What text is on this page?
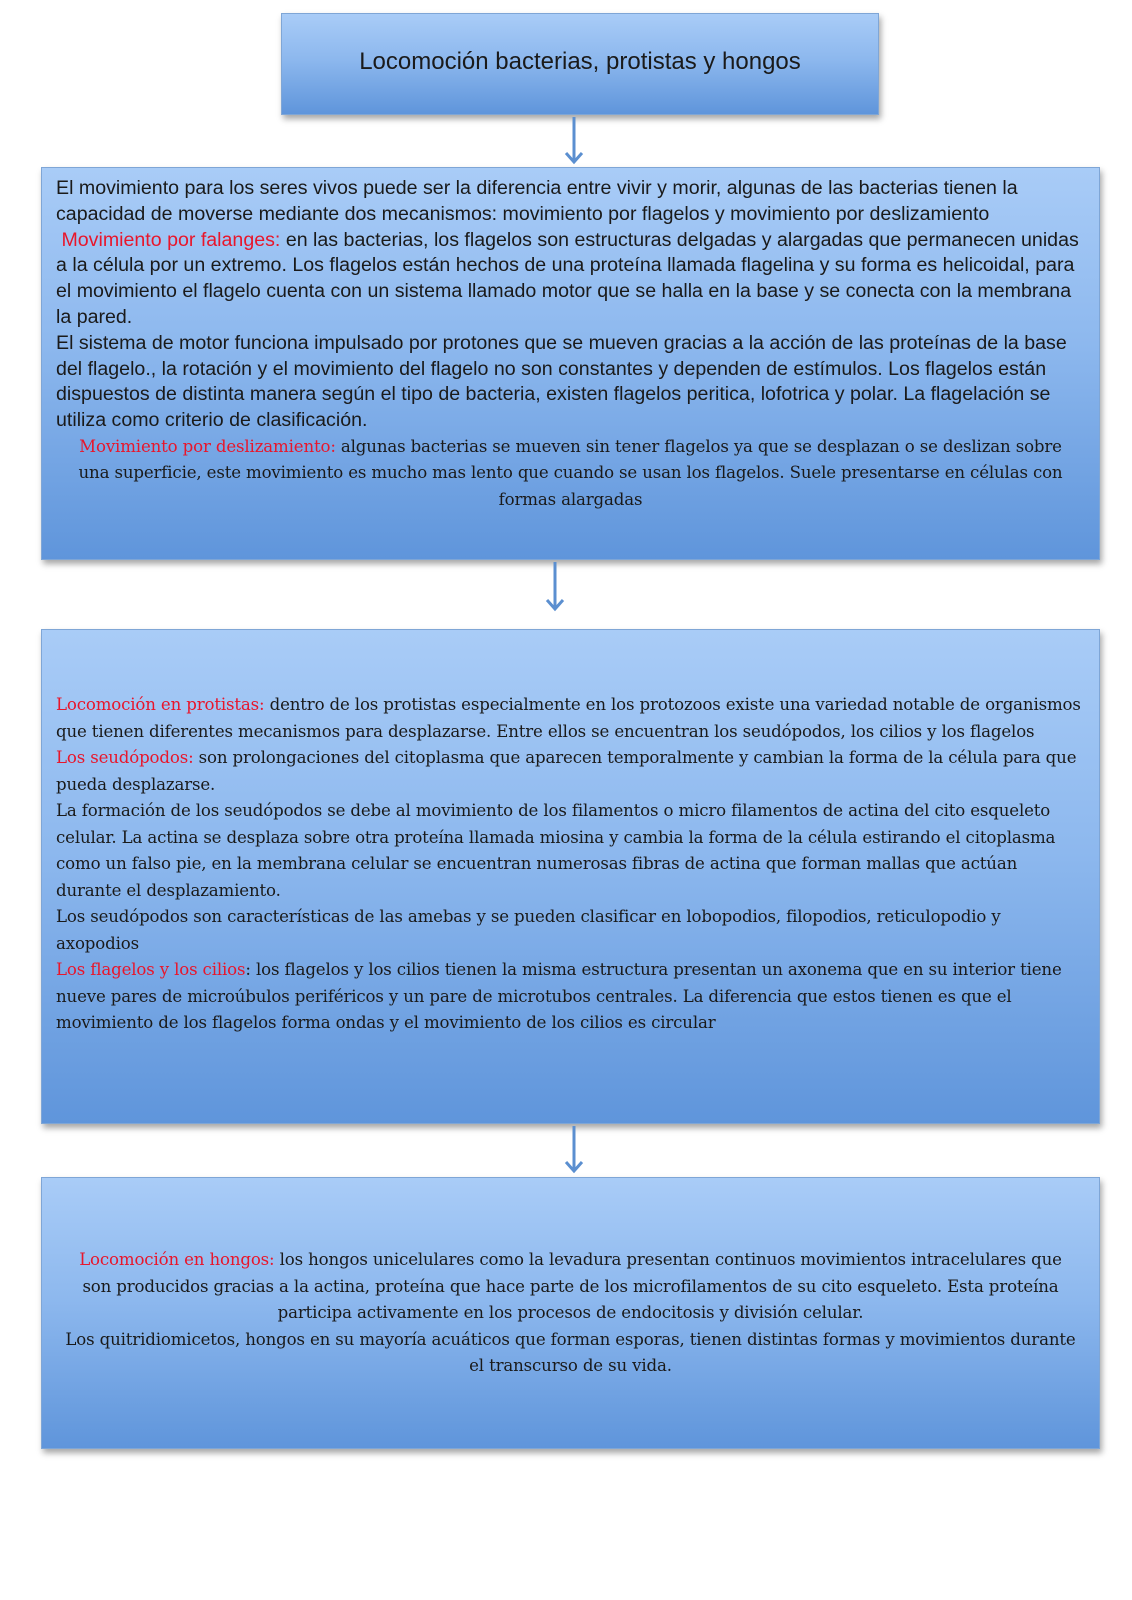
Locomoción bacterias, protistas y hongos

El movimiento para los seres vivos puede ser la diferencia entre vivir y morir, algunas de las bacterias tienen la capacidad de moverse mediante dos mecanismos: movimiento por flagelos y movimiento por deslizamiento

Movimiento por falanges: en las bacterias, los flagelos son estructuras delgadas y alargadas que permanecen unidas a la célula por un extremo. Los flagelos están hechos de una proteína llamada flagelina y su forma es helicoidal, para el movimiento el flagelo cuenta con un sistema llamado motor que se halla en la base y se conecta con la membrana la pared.

El sistema de motor funciona impulsado por protones que se mueven gracias a la acción de las proteínas de la base del flagelo., la rotación y el movimiento del flagelo no son constantes y dependen de estímulos. Los flagelos están dispuestos de distinta manera según el tipo de bacteria, existen flagelos peritica, lofotrica y polar. La flagelación se utiliza como criterio de clasificación.

Movimiento por deslizamiento: algunas bacterias se mueven sin tener flagelos ya que se desplazan o se deslizan sobre una superficie, este movimiento es mucho mas lento que cuando se usan los flagelos. Suele presentarse en células con formas alargadas

Locomoción en protistas: dentro de los protistas especialmente en los protozoos existe una variedad notable de organismos que tienen diferentes mecanismos para desplazarse. Entre ellos se encuentran los seudópodos, los cilios y los flagelos

Los seudópodos: son prolongaciones del citoplasma que aparecen temporalmente y cambian la forma de la célula para que pueda desplazarse.

La formación de los seudópodos se debe al movimiento de los filamentos o micro filamentos de actina del cito esqueleto celular. La actina se desplaza sobre otra proteína llamada miosina y cambia la forma de la célula estirando el citoplasma como un falso pie, en la membrana celular se encuentran numerosas fibras de actina que forman mallas que actúan durante el desplazamiento.

Los seudópodos son características de las amebas y se pueden clasificar en lobopodios, filopodios, reticulopodio y axopodios

Los flagelos y los cilios: los flagelos y los cilios tienen la misma estructura presentan un axonema que en su interior tiene nueve pares de microúbulos periféricos y un pare de microtubos centrales. La diferencia que estos tienen es que el movimiento de los flagelos forma ondas y el movimiento de los cilios es circular

Locomoción en hongos: los hongos unicelulares como la levadura presentan continuos movimientos intracelulares que son producidos gracias a la actina, proteína que hace parte de los microfilamentos de su cito esqueleto. Esta proteína participa activamente en los procesos de endocitosis y división celular.

Los quitridiomicetos, hongos en su mayoría acuáticos que forman esporas, tienen distintas formas y movimientos durante el transcurso de su vida.
